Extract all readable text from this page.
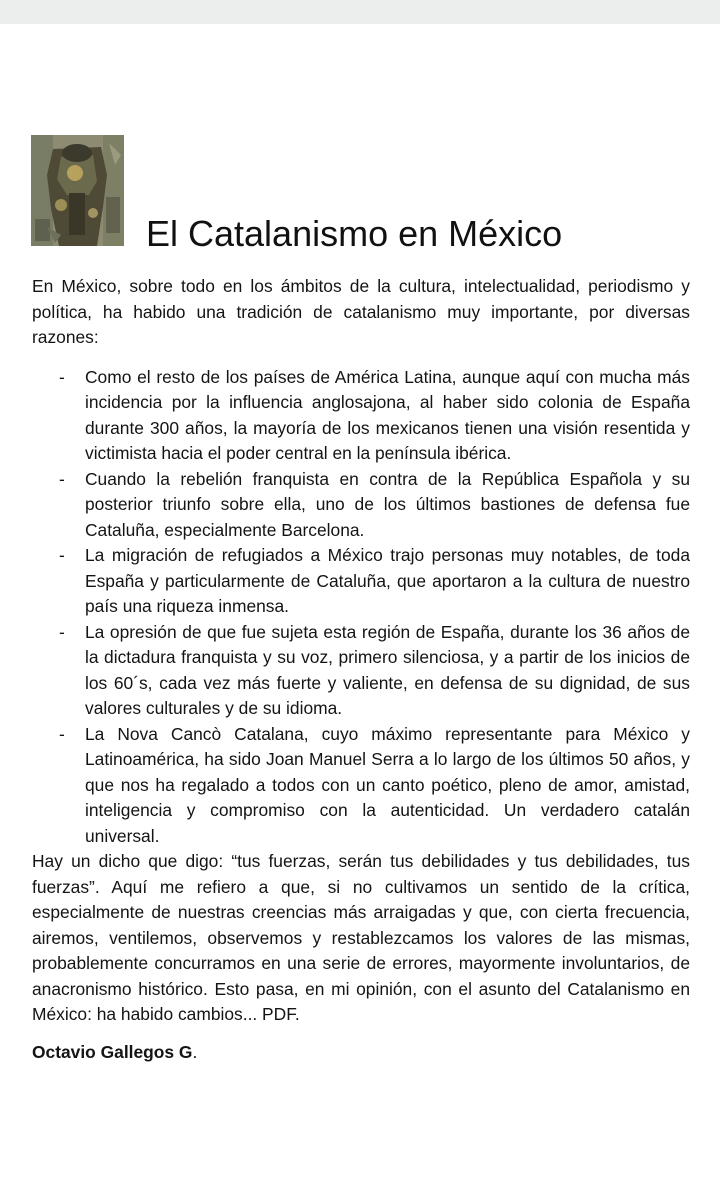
El Catalanismo en México

En México, sobre todo en los ámbitos de la cultura, intelectualidad, periodismo y política, ha habido una tradición de catalanismo muy importante, por diversas razones:

- Como el resto de los países de América Latina, aunque aquí con mucha más incidencia por la influencia anglosajona, al haber sido colonia de España durante 300 años, la mayoría de los mexicanos tienen una visión resentida y victimista hacia el poder central en la península ibérica.
- Cuando la rebelión franquista en contra de la República Española y su posterior triunfo sobre ella, uno de los últimos bastiones de defensa fue Cataluña, especialmente Barcelona.
- La migración de refugiados a México trajo personas muy notables, de toda España y particularmente de Cataluña, que aportaron a la cultura de nuestro país una riqueza inmensa.
- La opresión de que fue sujeta esta región de España, durante los 36 años de la dictadura franquista y su voz, primero silenciosa, y a partir de los inicios de los 60´s, cada vez más fuerte y valiente, en defensa de su dignidad, de sus valores culturales y de su idioma.
- La Nova Cancò Catalana, cuyo máximo representante para México y Latinoamérica, ha sido Joan Manuel Serra a lo largo de los últimos 50 años, y que nos ha regalado a todos con un canto poético, pleno de amor, amistad, inteligencia y compromiso con la autenticidad. Un verdadero catalán universal.

Hay un dicho que digo: “tus fuerzas, serán tus debilidades y tus debilidades, tus fuerzas”. Aquí me refiero a que, si no cultivamos un sentido de la crítica, especialmente de nuestras creencias más arraigadas y que, con cierta frecuencia, airemos, ventilemos, observemos y restablezcamos los valores de las mismas, probablemente concurramos en una serie de errores, mayormente involuntarios, de anacronismo histórico. Esto pasa, en mi opinión, con el asunto del Catalanismo en México: ha habido cambios... PDF.

Octavio Gallegos G.
